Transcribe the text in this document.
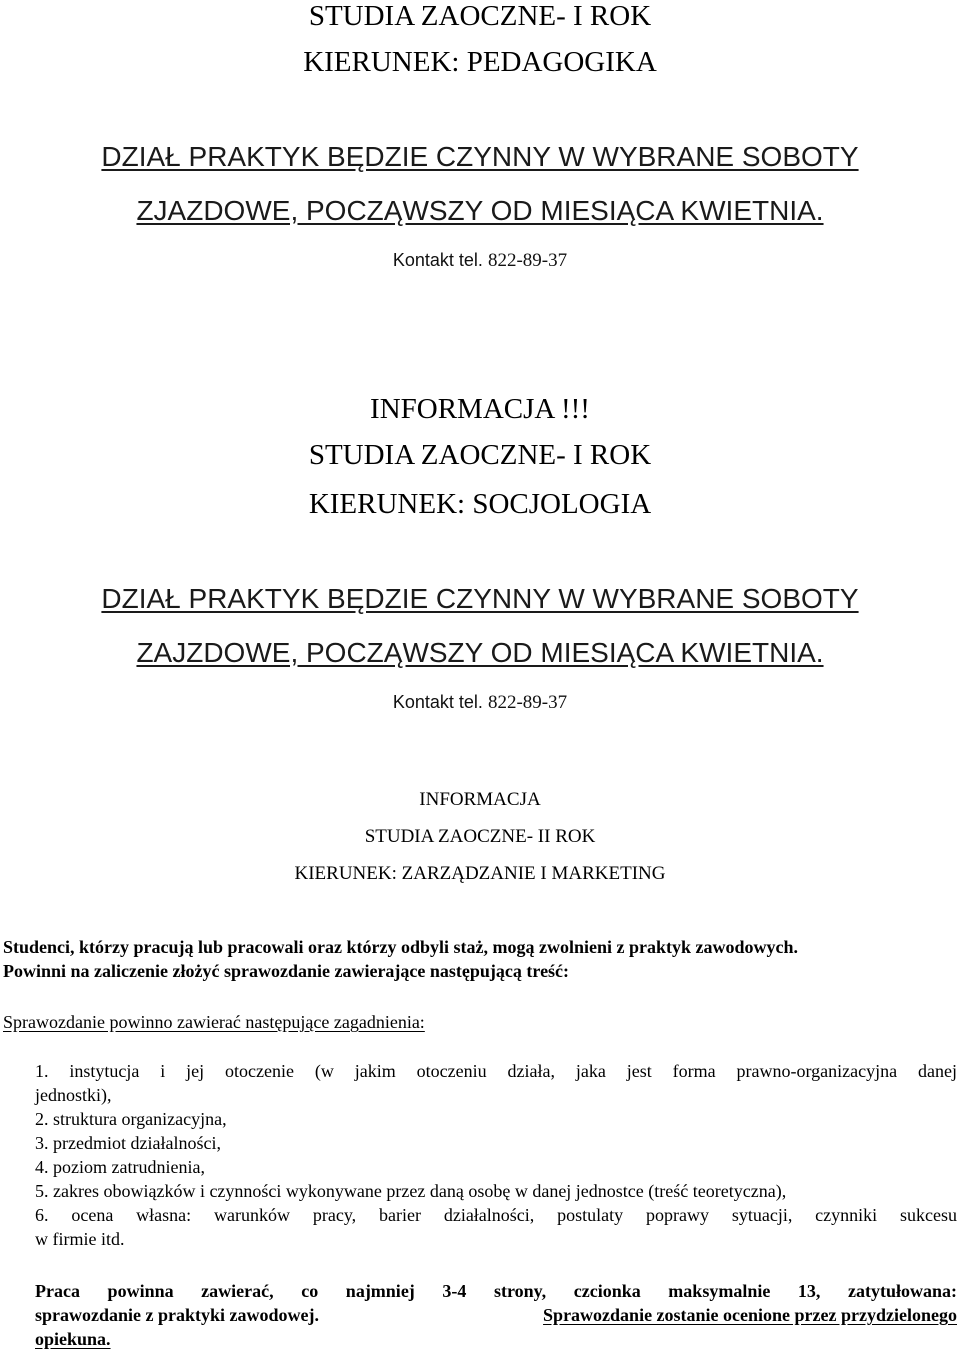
STUDIA ZAOCZNE- I ROK
KIERUNEK: PEDAGOGIKA
DZIAŁ PRAKTYK BĘDZIE CZYNNY W WYBRANE SOBOTY
ZJAZDOWE, POCZĄWSZY OD MIESIĄCA KWIETNIA.
Kontakt tel. 822-89-37
INFORMACJA !!!
STUDIA ZAOCZNE- I ROK
KIERUNEK: SOCJOLOGIA
DZIAŁ PRAKTYK BĘDZIE CZYNNY W WYBRANE SOBOTY
ZAJZDOWE, POCZĄWSZY OD MIESIĄCA KWIETNIA.
Kontakt tel. 822-89-37
INFORMACJA
STUDIA ZAOCZNE- II ROK
KIERUNEK: ZARZĄDZANIE I MARKETING
Studenci, którzy pracują lub pracowali oraz którzy odbyli staż, mogą zwolnieni z praktyk zawodowych.
Powinni na zaliczenie złożyć sprawozdanie zawierające następującą treść:
Sprawozdanie powinno zawierać następujące zagadnienia:
1. instytucja i jej otoczenie (w jakim otoczeniu działa, jaka jest forma prawno-organizacyjna danej
jednostki),
2. struktura organizacyjna,
3. przedmiot działalności,
4. poziom zatrudnienia,
5. zakres obowiązków i czynności wykonywane przez daną osobę w danej jednostce (treść teoretyczna),
6. ocena własna: warunków pracy, barier działalności, postulaty poprawy sytuacji, czynniki sukcesu
w firmie itd.
Praca powinna zawierać, co najmniej 3-4 strony, czcionka maksymalnie 13, zatytułowana:
sprawozdanie z praktyki zawodowej.	Sprawozdanie zostanie ocenione przez przydzielonego
opiekuna.
